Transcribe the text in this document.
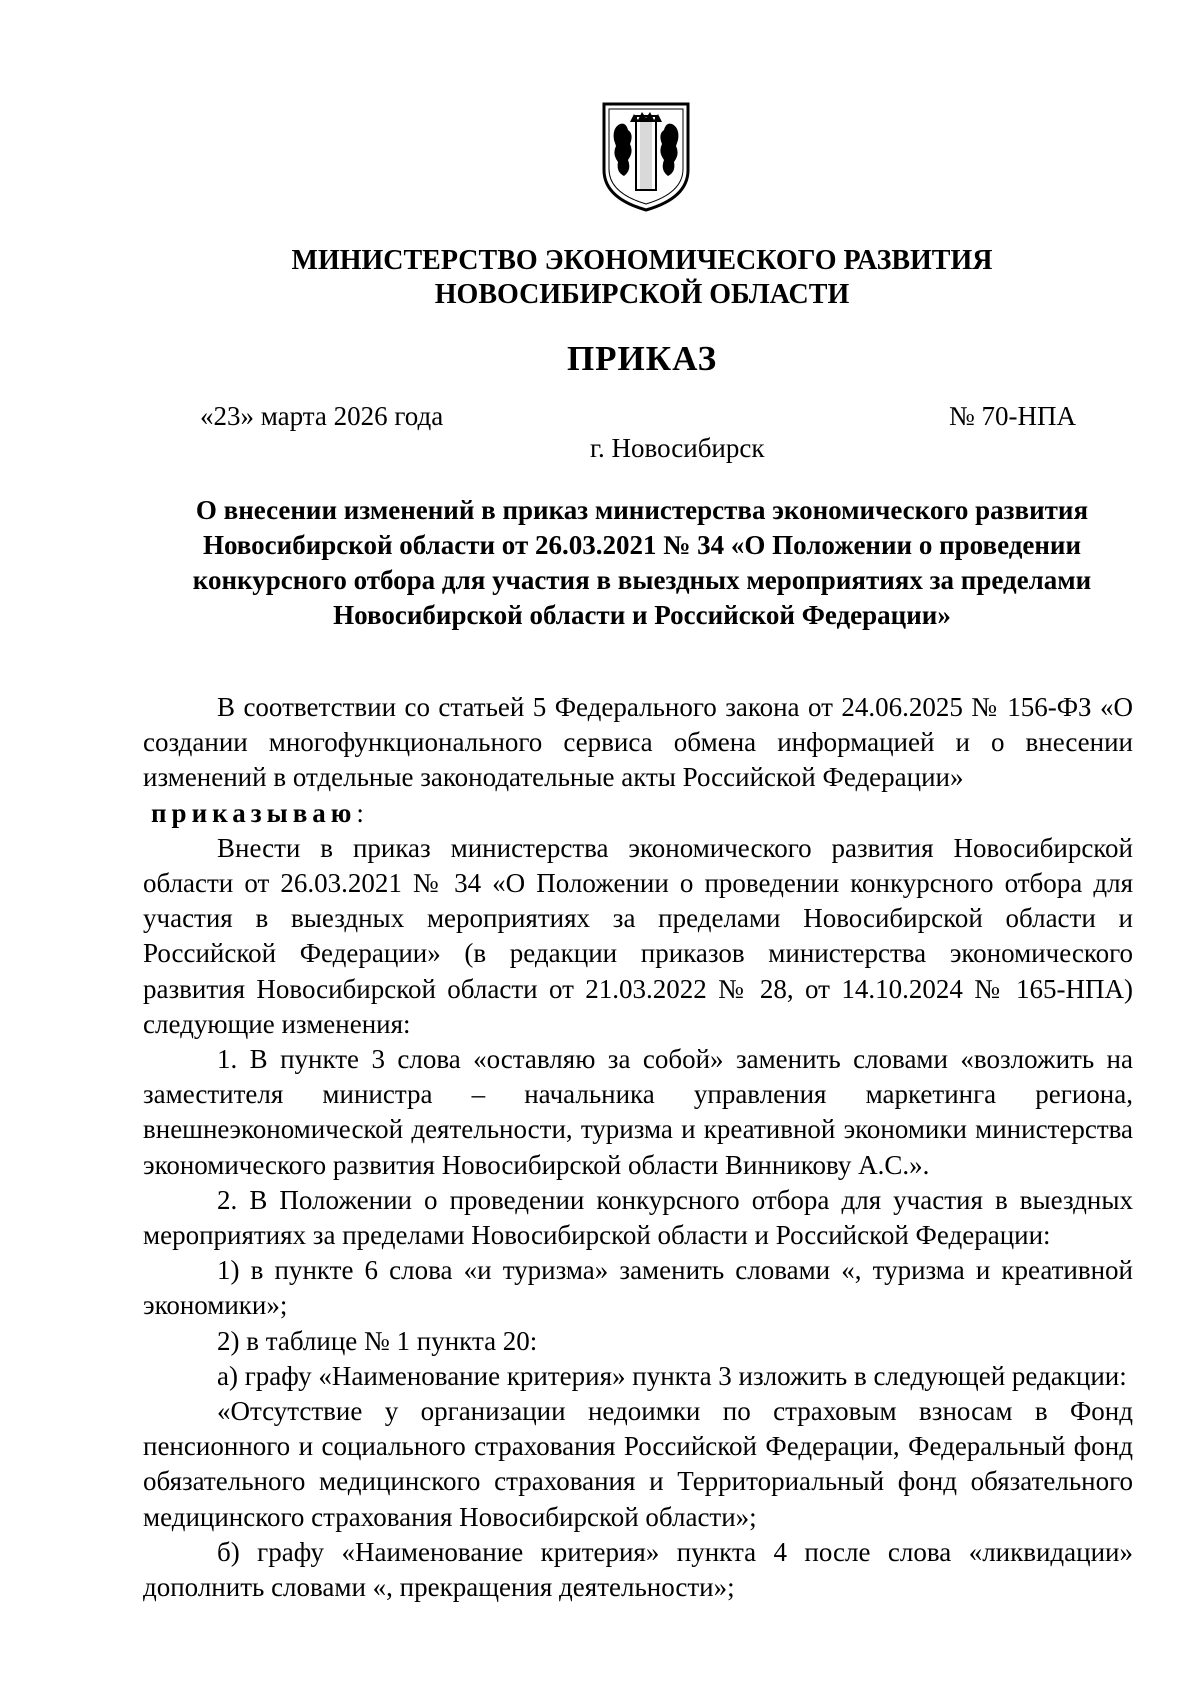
МИНИСТЕРСТВО ЭКОНОМИЧЕСКОГО РАЗВИТИЯ
НОВОСИБИРСКОЙ ОБЛАСТИ
ПРИКАЗ
«23» марта 2026 года	№ 70-НПА
г. Новосибирск
О внесении изменений в приказ министерства экономического развития
Новосибирской области от 26.03.2021 № 34 «О Положении о проведении
конкурсного отбора для участия в выездных мероприятиях за пределами
Новосибирской области и Российской Федерации»

В соответствии со статьей 5 Федерального закона от 24.06.2025 № 156-ФЗ «О создании многофункционального сервиса обмена информацией и о внесении изменений в отдельные законодательные акты Российской Федерации»

приказываю:

Внести в приказ министерства экономического развития Новосибирской области от 26.03.2021 № 34 «О Положении о проведении конкурсного отбора для участия в выездных мероприятиях за пределами Новосибирской области и Российской Федерации» (в редакции приказов министерства экономического развития Новосибирской области от 21.03.2022 № 28, от 14.10.2024 № 165-НПА) следующие изменения:

1. В пункте 3 слова «оставляю за собой» заменить словами «возложить на заместителя министра – начальника управления маркетинга региона, внешнеэкономической деятельности, туризма и креативной экономики министерства экономического развития Новосибирской области Винникову А.С.».

2. В Положении о проведении конкурсного отбора для участия в выездных мероприятиях за пределами Новосибирской области и Российской Федерации:

1) в пункте 6 слова «и туризма» заменить словами «, туризма и креативной экономики»;

2) в таблице № 1 пункта 20:

а) графу «Наименование критерия» пункта 3 изложить в следующей редакции:

«Отсутствие у организации недоимки по страховым взносам в Фонд пенсионного и социального страхования Российской Федерации, Федеральный фонд обязательного медицинского страхования и Территориальный фонд обязательного медицинского страхования Новосибирской области»;

б) графу «Наименование критерия» пункта 4 после слова «ликвидации» дополнить словами «, прекращения деятельности»;
